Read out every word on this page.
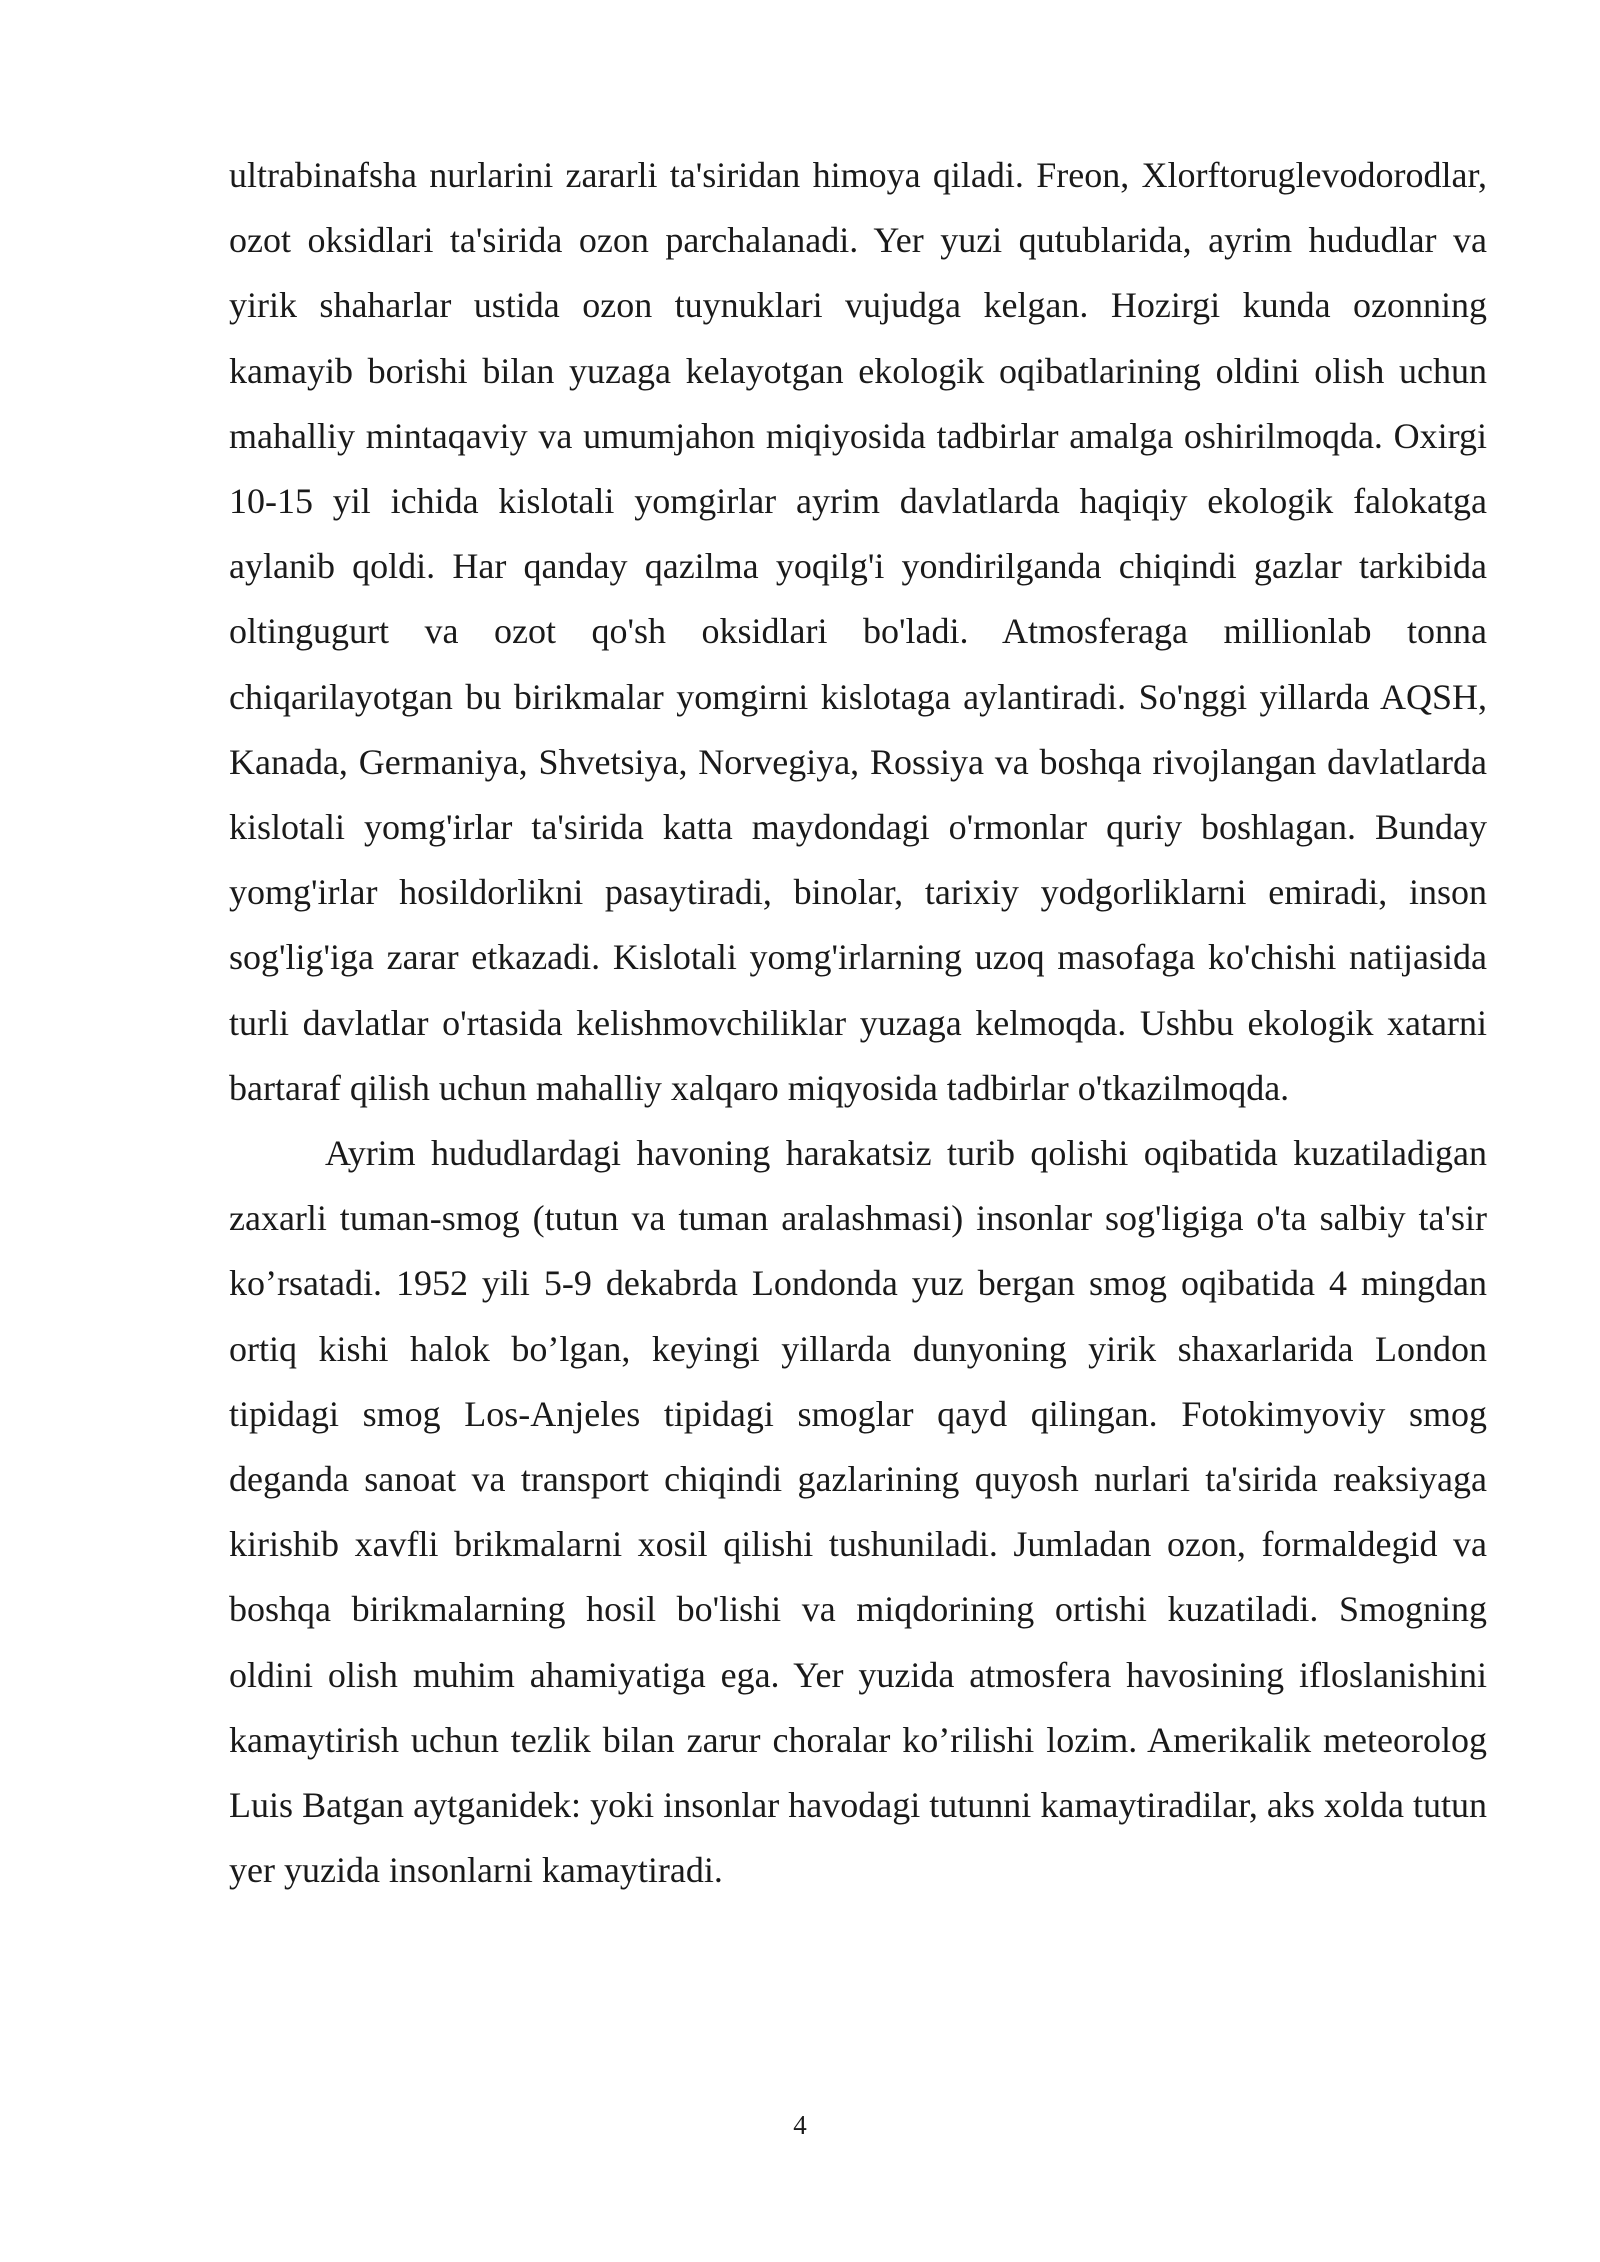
ultrabinafsha nurlarini zararli ta'siridan himoya qiladi. Freon, Xlorftoruglevodorodlar, ozot oksidlari ta'sirida ozon parchalanadi. Yer yuzi qutublarida, ayrim hududlar va yirik shaharlar ustida ozon tuynuklari vujudga kelgan. Hozirgi kunda ozonning kamayib borishi bilan yuzaga kelayotgan ekologik oqibatlarining oldini olish uchun mahalliy mintaqaviy va umumjahon miqiyosida tadbirlar amalga oshirilmoqda. Oxirgi 10-15 yil ichida kislotali yomgirlar ayrim davlatlarda haqiqiy ekologik falokatga aylanib qoldi. Har qanday qazilma yoqilg'i yondirilganda chiqindi gazlar tarkibida oltingugurt va ozot qo'sh oksidlari bo'ladi. Atmosferaga millionlab tonna chiqarilayotgan bu birikmalar yomgirni kislotaga aylantiradi. So'nggi yillarda AQSH, Kanada, Germaniya, Shvetsiya, Norvegiya, Rossiya va boshqa rivojlangan davlatlarda kislotali yomg'irlar ta'sirida katta maydondagi o'rmonlar quriy boshlagan. Bunday yomg'irlar hosildorlikni pasaytiradi, binolar, tarixiy yodgorliklarni emiradi, inson sog'lig'iga zarar etkazadi. Kislotali yomg'irlarning uzoq masofaga ko'chishi natijasida turli davlatlar o'rtasida kelishmovchiliklar yuzaga kelmoqda. Ushbu ekologik xatarni bartaraf qilish uchun mahalliy xalqaro miqyosida tadbirlar o'tkazilmoqda.

Ayrim hududlardagi havoning harakatsiz turib qolishi oqibatida kuzatiladigan zaxarli tuman-smog (tutun va tuman aralashmasi) insonlar sog'ligiga o'ta salbiy ta'sir ko’rsatadi. 1952 yili 5-9 dekabrda Londonda yuz bergan smog oqibatida 4 mingdan ortiq kishi halok bo’lgan, keyingi yillarda dunyoning yirik shaxarlarida London tipidagi smog Los-Anjeles tipidagi smoglar qayd qilingan. Fotokimyoviy smog deganda sanoat va transport chiqindi gazlarining quyosh nurlari ta'sirida reaksiyaga kirishib xavfli brikmalarni xosil qilishi tushuniladi. Jumladan ozon, formaldegid va boshqa birikmalarning hosil bo'lishi va miqdorining ortishi kuzatiladi. Smogning oldini olish muhim ahamiyatiga ega. Yer yuzida atmosfera havosining ifloslanishini kamaytirish uchun tezlik bilan zarur choralar ko’rilishi lozim. Amerikalik meteorolog Luis Batgan aytganidek: yoki insonlar havodagi tutunni kamaytiradilar, aks xolda tutun yer yuzida insonlarni kamaytiradi.

4
